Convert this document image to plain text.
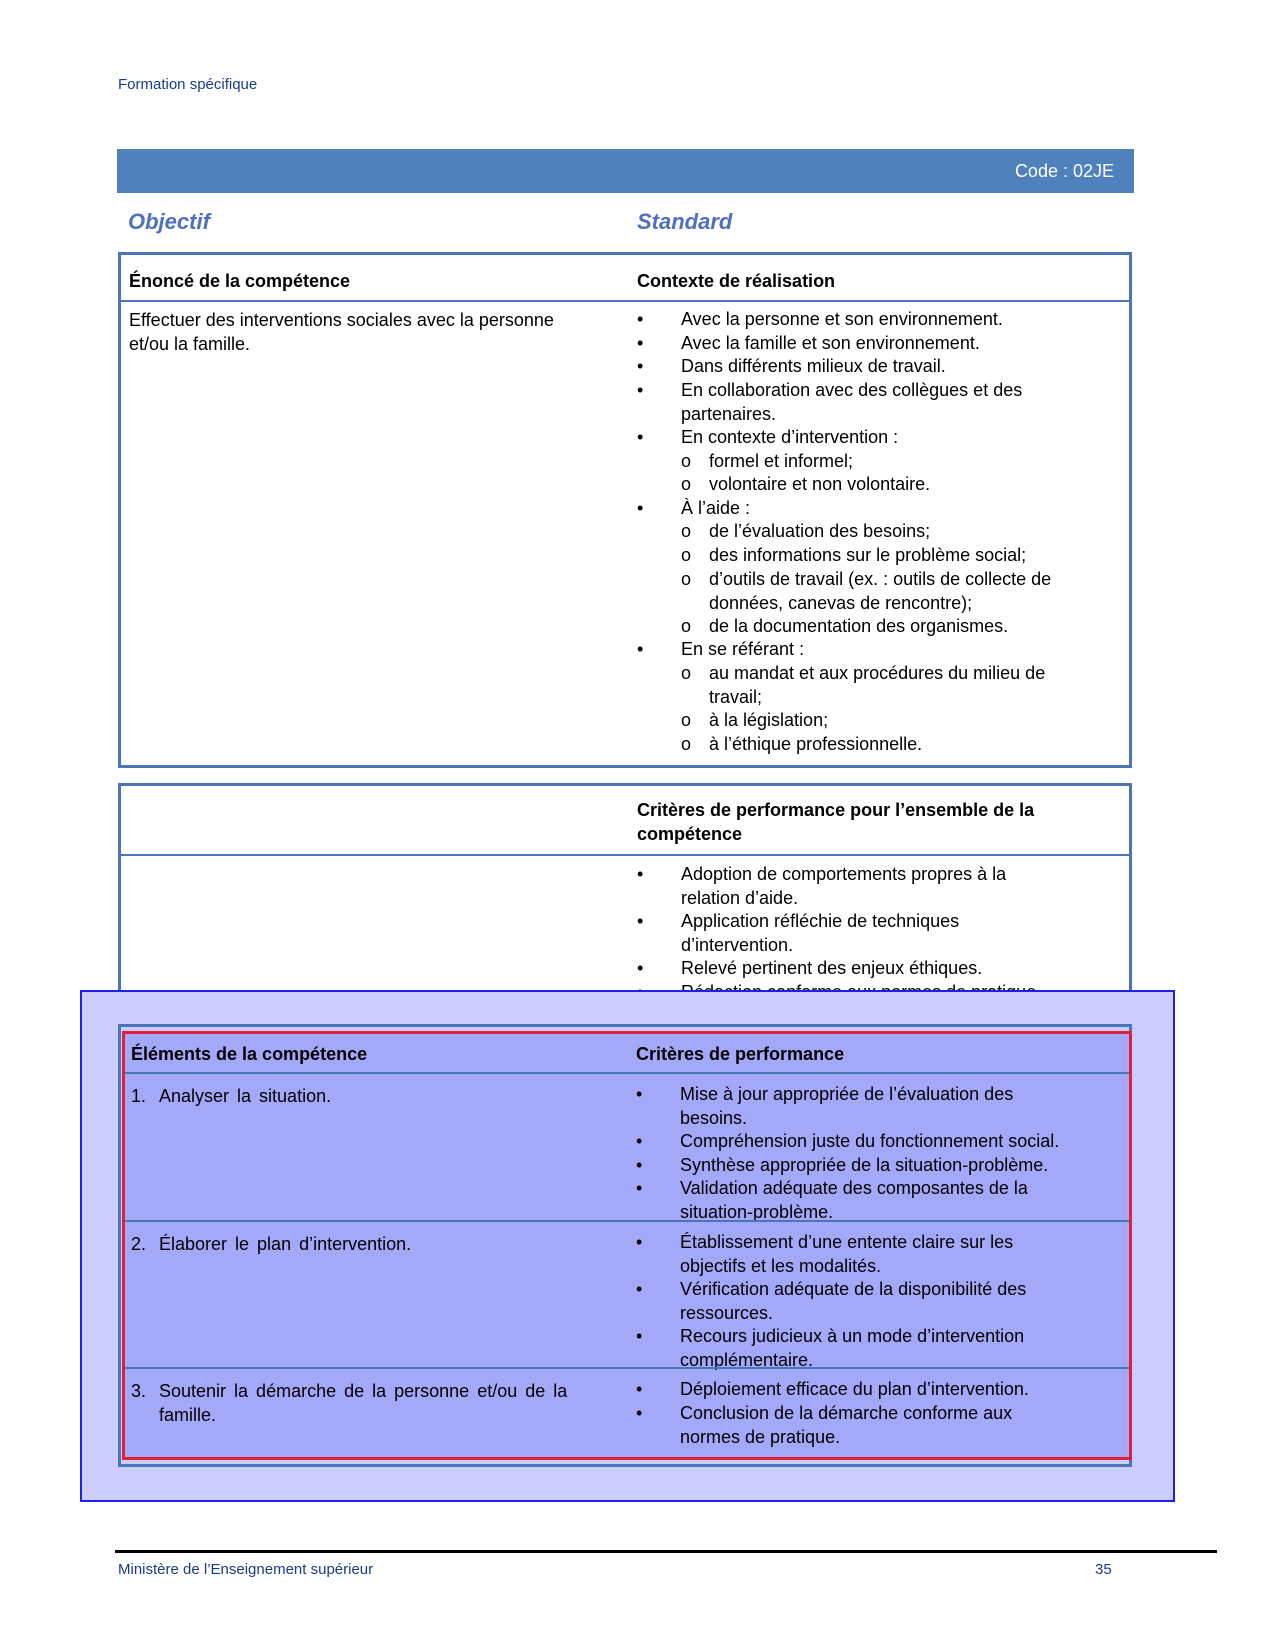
Formation spécifique
Code : 02JE
Objectif	Standard
Énoncé de la compétence	Contexte de réalisation
Effectuer des interventions sociales avec la personne
et/ou la famille.
•	Avec la personne et son environnement.
•	Avec la famille et son environnement.
•	Dans différents milieux de travail.
•	En collaboration avec des collègues et des
partenaires.
•	En contexte d’intervention :
o formel et informel;
o volontaire et non volontaire.
•	À l’aide :
o de l’évaluation des besoins;
o des informations sur le problème social;
o d’outils de travail (ex. : outils de collecte de
données, canevas de rencontre);
o de la documentation des organismes.
•	En se référant :
o au mandat et aux procédures du milieu de
travail;
o à la législation;
o à l’éthique professionnelle.
Critères de performance pour l’ensemble de la
compétence
•	Adoption de comportements propres à la
relation d’aide.
•	Application réfléchie de techniques
d’intervention.
•	Relevé pertinent des enjeux éthiques.
Éléments de la compétence	Critères de performance
1. Analyser la situation.	•	Mise à jour appropriée de l’évaluation des
besoins.
•	Compréhension juste du fonctionnement social.
•	Synthèse appropriée de la situation-problème.
•	Validation adéquate des composantes de la
situation-problème.
2. Élaborer le plan d’intervention.	•	Établissement d’une entente claire sur les
objectifs et les modalités.
•	Vérification adéquate de la disponibilité des
ressources.
•	Recours judicieux à un mode d’intervention
complémentaire.
3. Soutenir la démarche de la personne et/ou de la
famille.
•	Déploiement efficace du plan d’intervention.
•	Conclusion de la démarche conforme aux
normes de pratique.
Ministère de l’Enseignement supérieur	35
